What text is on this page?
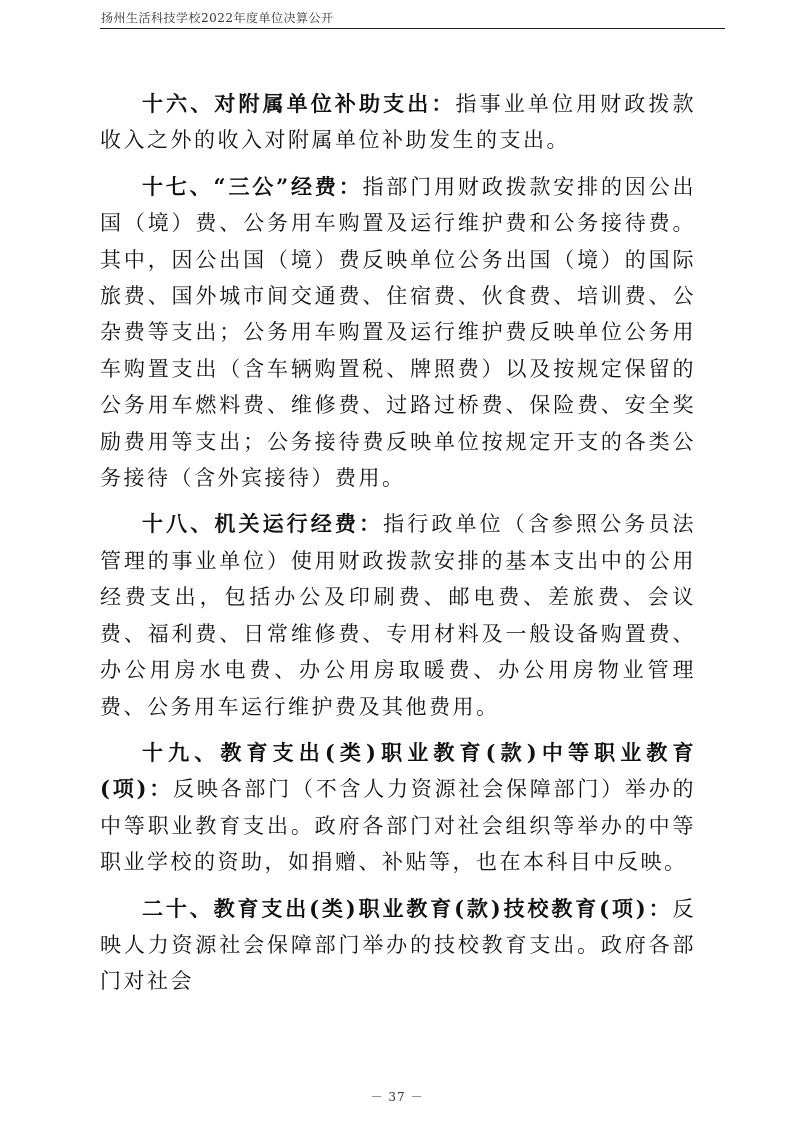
扬州生活科技学校2022年度单位决算公开

十六、对附属单位补助支出：指事业单位用财政拨款收入之外的收入对附属单位补助发生的支出。

十七、“三公”经费：指部门用财政拨款安排的因公出国（境）费、公务用车购置及运行维护费和公务接待费。其中，因公出国（境）费反映单位公务出国（境）的国际旅费、国外城市间交通费、住宿费、伙食费、培训费、公杂费等支出；公务用车购置及运行维护费反映单位公务用车购置支出（含车辆购置税、牌照费）以及按规定保留的公务用车燃料费、维修费、过路过桥费、保险费、安全奖励费用等支出；公务接待费反映单位按规定开支的各类公务接待（含外宾接待）费用。

十八、机关运行经费：指行政单位（含参照公务员法管理的事业单位）使用财政拨款安排的基本支出中的公用经费支出，包括办公及印刷费、邮电费、差旅费、会议费、福利费、日常维修费、专用材料及一般设备购置费、办公用房水电费、办公用房取暖费、办公用房物业管理费、公务用车运行维护费及其他费用。

十九、教育支出(类)职业教育(款)中等职业教育(项)：反映各部门（不含人力资源社会保障部门）举办的中等职业教育支出。政府各部门对社会组织等举办的中等职业学校的资助，如捐赠、补贴等，也在本科目中反映。

二十、教育支出(类)职业教育(款)技校教育(项)：反映人力资源社会保障部门举办的技校教育支出。政府各部门对社会

－ 37 －
